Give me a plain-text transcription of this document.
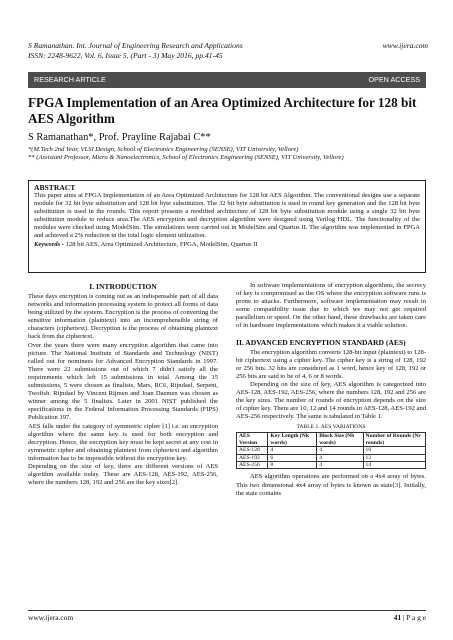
S Ramanathan. Int. Journal of Engineering Research and Applications
ISSN: 2248-9622, Vol. 6, Issue 5, (Part - 3) May 2016, pp.41-45
www.ijera.com
RESEARCH ARTICLE	OPEN ACCESS
FPGA Implementation of an Area Optimized Architecture for 128 bit AES Algorithm
S Ramanathan*, Prof. Prayline Rajabai C**
*(M.Tech 2nd Year, VLSI Design, School of Electronics Engineering (SENSE), VIT University, Vellore)
** (Assistant Professor, Micro & Nanoelectronics, School of Electronics Engineering (SENSE), VIT University, Vellore)
ABSTRACT
This paper aims at FPGA Implementation of an Area Optimized Architecture for 128 bit AES Algorithm. The conventional designs use a separate module for 32 bit byte substitution and 128 bit byte substitution. The 32 bit byte substitution is used in round key generation and the 128 bit byte substitution is used in the rounds. This report presents a modified architecture of 128 bit byte substitution module using a single 32 bit byte substitution module to reduce area.The AES encryption and decryption algorithm were designed using Verilog HDL. The functionality of the modules were checked using ModelSim. The simulations were carried out in ModelSim and Quartus II. The algorithm was implemented in FPGA and achieved a 2% reduction in the total logic element utilization.
Keywords - 128 bit AES, Area Optimized Architecture, FPGA, ModelSim, Quartus II
I. INTRODUCTION

These days encryption is coming out as an indispensable part of all data networks and information processing system to protect all forms of data being utilized by the system. Encryption is the process of converting the sensitive information (plaintext) into an incomprehensible string of characters (ciphertext). Decryption is the process of obtaining plaintext back from the ciphertext.

Over the years there were many encryption algorithm that came into picture. The National Institute of Standards and Technology (NIST) called out for nominees for Advanced Encryption Standards in 1997. There were 22 submissions out of which 7 didn't satisfy all the requirements which left 15 submissions in total. Among the 15 submissions, 5 were chosen as finalists, Mars, RC6, Rijndael, Serpent, Twofish. Rijndael by Vincent Rijmen and Joan Daemen was chosen as winner among the 5 finalists. Later in 2001 NIST published the specifications in the Federal Information Processing Standards (FIPS) Publication 197.

AES falls under the category of symmetric cipher [1] i.e. an encryption algorithm where the same key is used for both encryption and decryption. Hence, the encryption key must be kept secret at any cost in symmetric cipher and obtaining plaintext from ciphertext and algorithm information has to be impossible without the encryption key.

Depending on the size of key, there are different versions of AES algorithm available today. These are AES-128, AES-192, AES-256, where the numbers 128, 192 and 256 are the key sizes[2].

In software implementations of encryption algorithms, the secrecy of key is compromised as the OS where the encryption software runs is prone to attacks. Furthermore, software implementation may result in some compatibility issue due to which we may not get required parallelism or speed. On the other hand, these drawbacks are taken care of in hardware implementations which makes it a viable solution.

II. ADVANCED ENCRYPTION STANDARD (AES)

The encryption algorithm converts 128-bit input (plaintext) to 128-bit ciphertext using a cipher key. The cipher key is a string of 128, 192 or 256 bits. 32 bits are considered as 1 word, hence key of 128, 192 or 256 bits are said to be of 4, 6 or 8 words.

Depending on the size of key, AES algorithm is categorized into AES-128, AES-192, AES-256, where the numbers 128, 192 and 256 are the key sizes. The number of rounds of encryption depends on the size of cipher key. There are 10, 12 and 14 rounds in AES-128, AES-192 and AES-256 respectively. The same is tabulated in Table 1.

TABLE 1. AES VARIATIONS
AES Version	Key Length (Nk words)	Block Size (Nb words)	Number of Rounds (Nr rounds)
AES-128	4	4	10
AES-192	6	4	12
AES-256	8	4	14

AES algorithm operations are performed on a 4x4 array of bytes. This two dimensional 4x4 array of bytes is known as state[3]. Initially, the state contains

www.ijera.com	41 | P a g e
